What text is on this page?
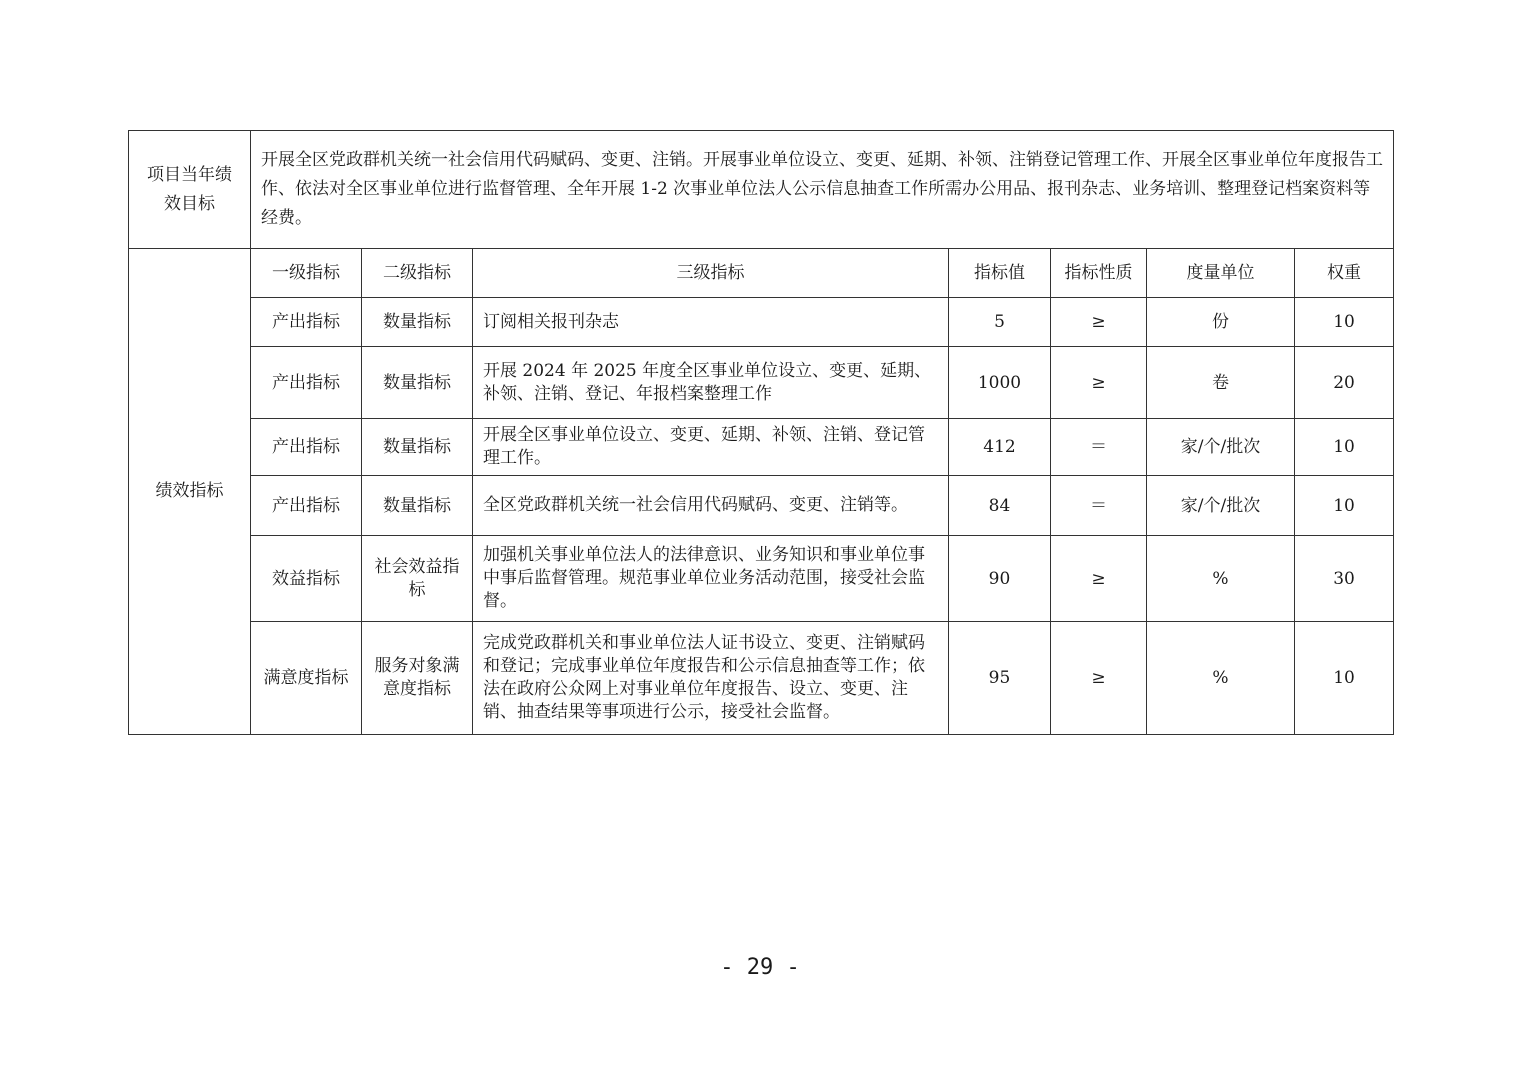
项目当年绩效目标	开展全区党政群机关统一社会信用代码赋码、变更、注销。开展事业单位设立、变更、延期、补领、注销登记管理工作、开展全区事业单位年度报告工作、依法对全区事业单位进行监督管理、全年开展 1-2 次事业单位法人公示信息抽查工作所需办公用品、报刊杂志、业务培训、整理登记档案资料等经费。						

绩效指标	一级指标	二级指标	三级指标	指标值	指标性质	度量单位	权重
	产出指标	数量指标	订阅相关报刊杂志	5	≥	份	10
	产出指标	数量指标	开展 2024 年 2025 年度全区事业单位设立、变更、延期、补领、注销、登记、年报档案整理工作	1000	≥	卷	20
	产出指标	数量指标	开展全区事业单位设立、变更、延期、补领、注销、登记管理工作。	412	＝	家/个/批次	10
	产出指标	数量指标	全区党政群机关统一社会信用代码赋码、变更、注销等。	84	＝	家/个/批次	10
	效益指标	社会效益指标	加强机关事业单位法人的法律意识、业务知识和事业单位事中事后监督管理。规范事业单位业务活动范围，接受社会监督。	90	≥	%	30
	满意度指标	服务对象满意度指标	完成党政群机关和事业单位法人证书设立、变更、注销赋码和登记；完成事业单位年度报告和公示信息抽查等工作；依法在政府公众网上对事业单位年度报告、设立、变更、注销、抽查结果等事项进行公示，接受社会监督。	95	≥	%	10
- 29 -
